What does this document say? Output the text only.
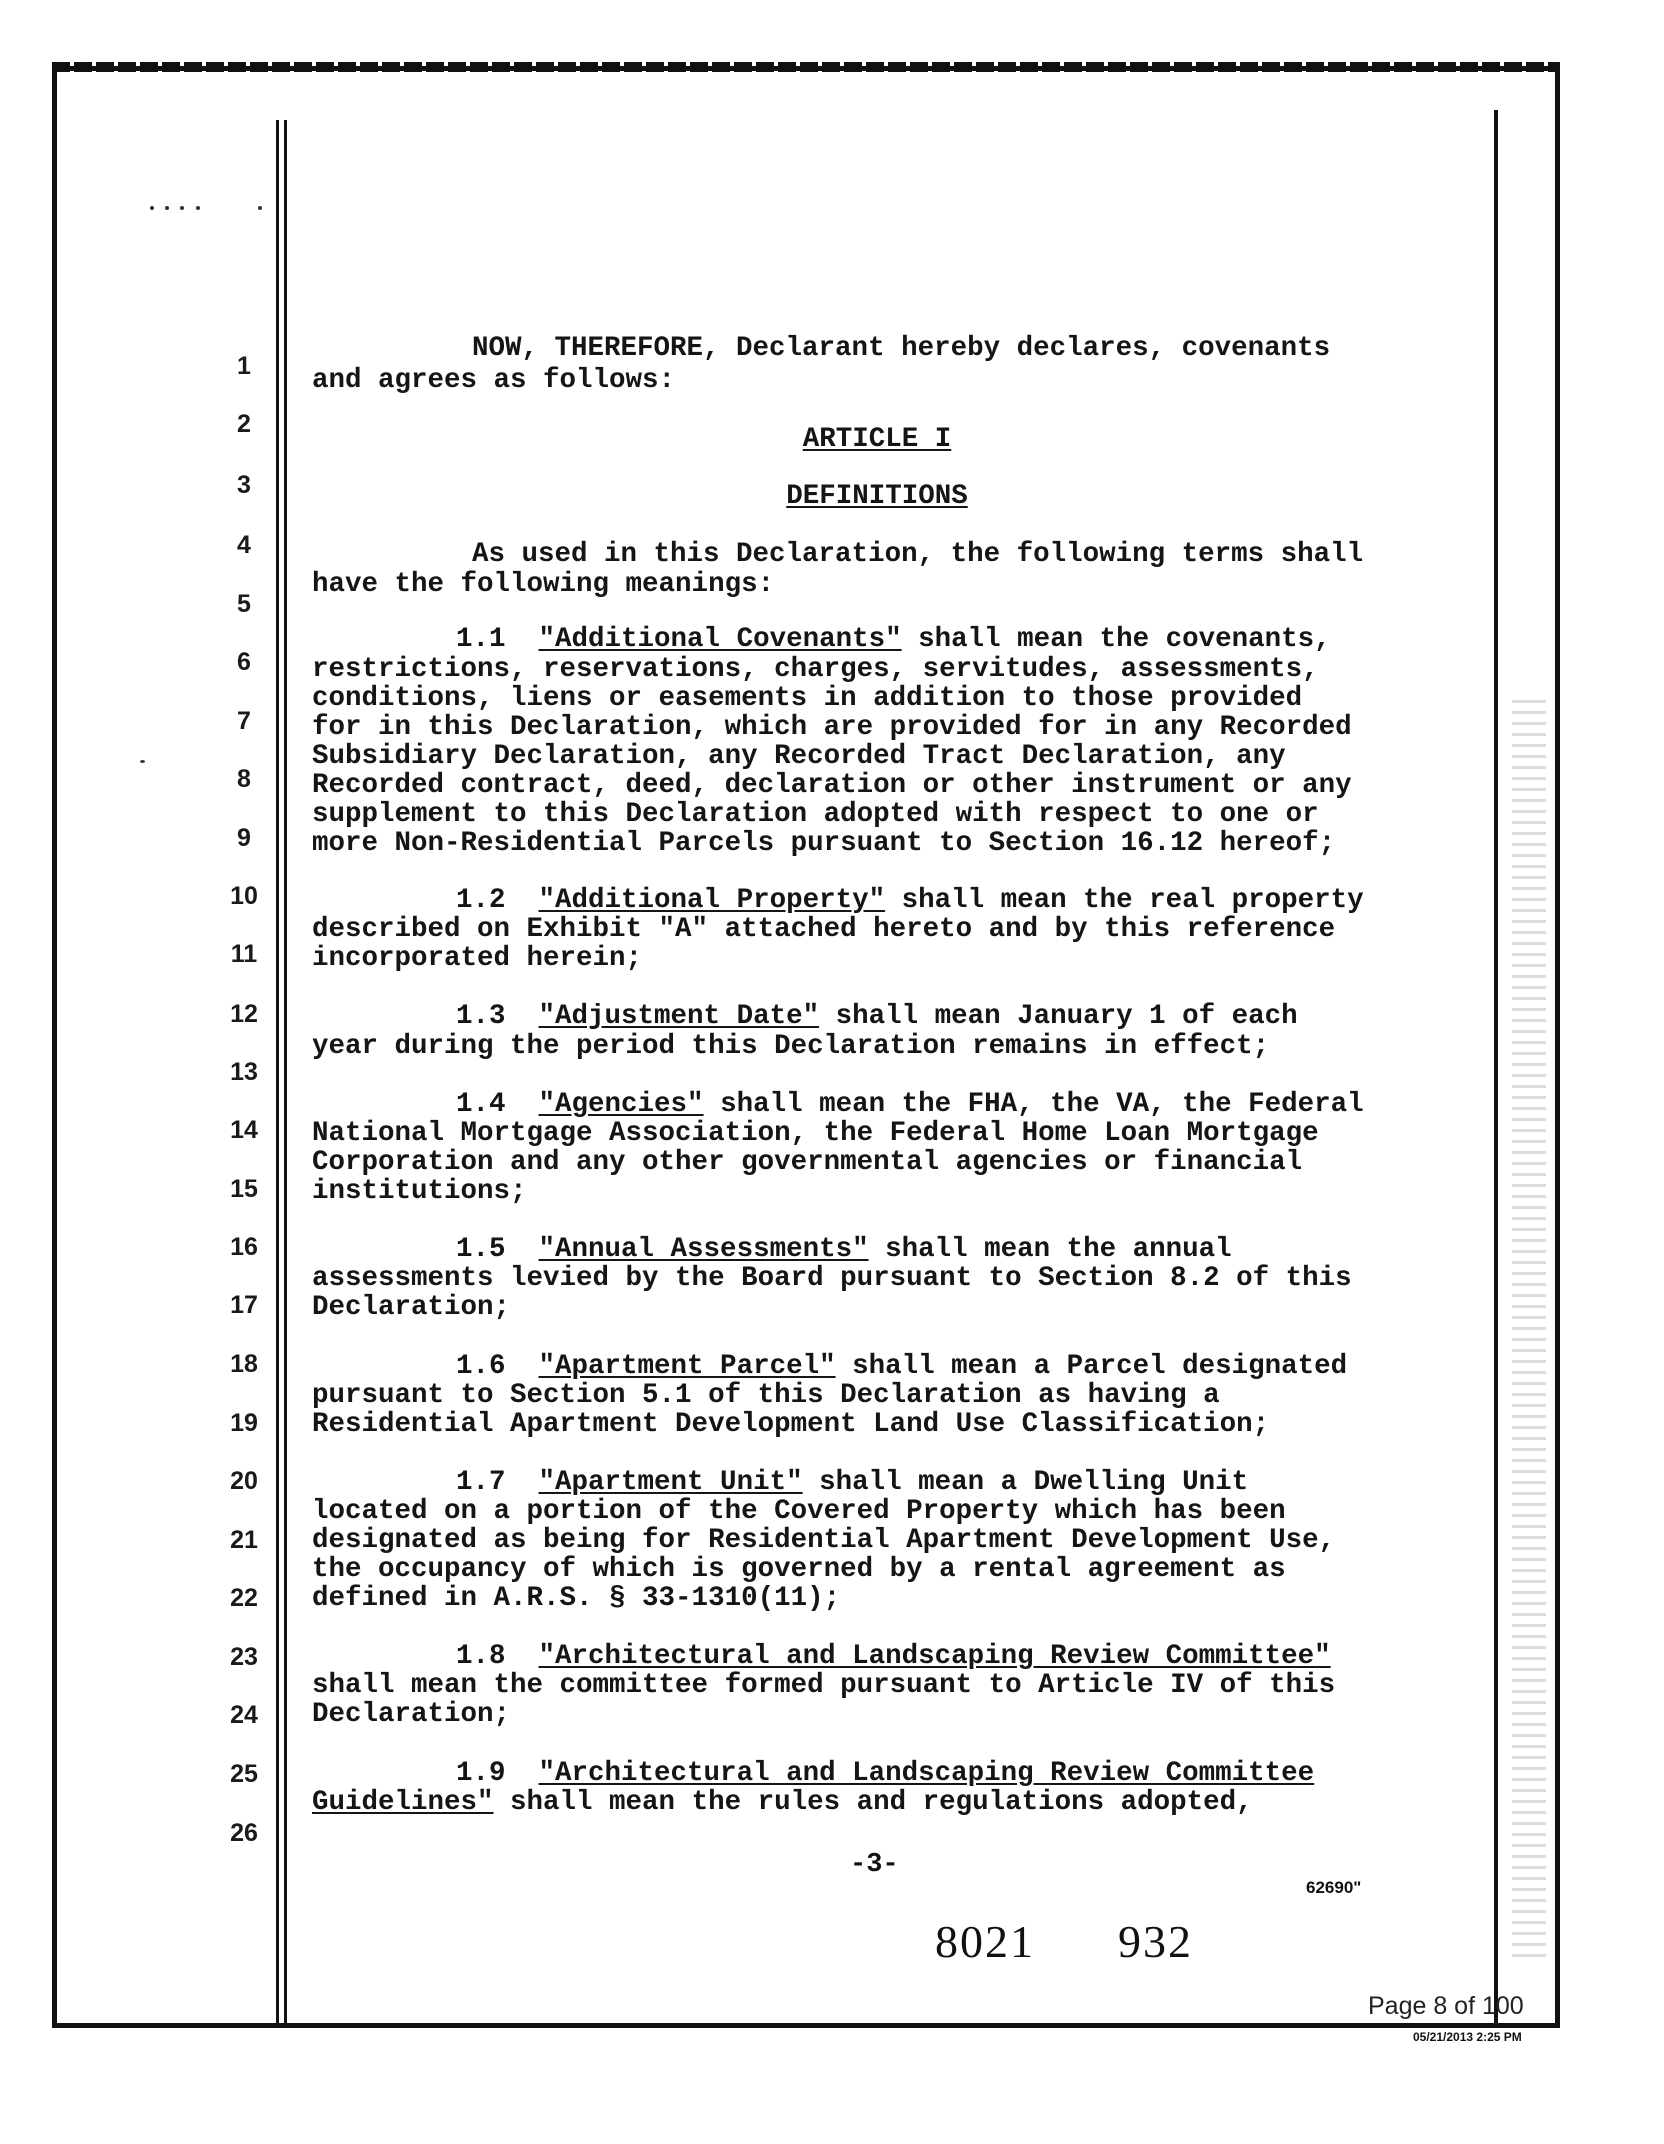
1
2
3
4
5
6
7
8
9
10
11
12
13
14
15
16
17
18
19
20
21
22
23
24
25
26
NOW, THEREFORE, Declarant hereby declares, covenants
and agrees as follows:
ARTICLE I
DEFINITIONS
As used in this Declaration, the following terms shall
have the following meanings:
1.1 "Additional Covenants" shall mean the covenants,
restrictions, reservations, charges, servitudes, assessments,
conditions, liens or easements in addition to those provided
for in this Declaration, which are provided for in any Recorded
Subsidiary Declaration, any Recorded Tract Declaration, any
Recorded contract, deed, declaration or other instrument or any
supplement to this Declaration adopted with respect to one or
more Non-Residential Parcels pursuant to Section 16.12 hereof;
1.2 "Additional Property" shall mean the real property
described on Exhibit "A" attached hereto and by this reference
incorporated herein;
1.3 "Adjustment Date" shall mean January 1 of each
year during the period this Declaration remains in effect;
1.4 "Agencies" shall mean the FHA, the VA, the Federal
National Mortgage Association, the Federal Home Loan Mortgage
Corporation and any other governmental agencies or financial
institutions;
1.5 "Annual Assessments" shall mean the annual
assessments levied by the Board pursuant to Section 8.2 of this
Declaration;
1.6 "Apartment Parcel" shall mean a Parcel designated
pursuant to Section 5.1 of this Declaration as having a
Residential Apartment Development Land Use Classification;
1.7 "Apartment Unit" shall mean a Dwelling Unit
located on a portion of the Covered Property which has been
designated as being for Residential Apartment Development Use,
the occupancy of which is governed by a rental agreement as
defined in A.R.S. § 33-1310(11);
1.8 "Architectural and Landscaping Review Committee"
shall mean the committee formed pursuant to Article IV of this
Declaration;
1.9 "Architectural and Landscaping Review Committee
Guidelines" shall mean the rules and regulations adopted,
-3-
62690"
8021 932
Page 8 of 100
05/21/2013 2:25 PM
